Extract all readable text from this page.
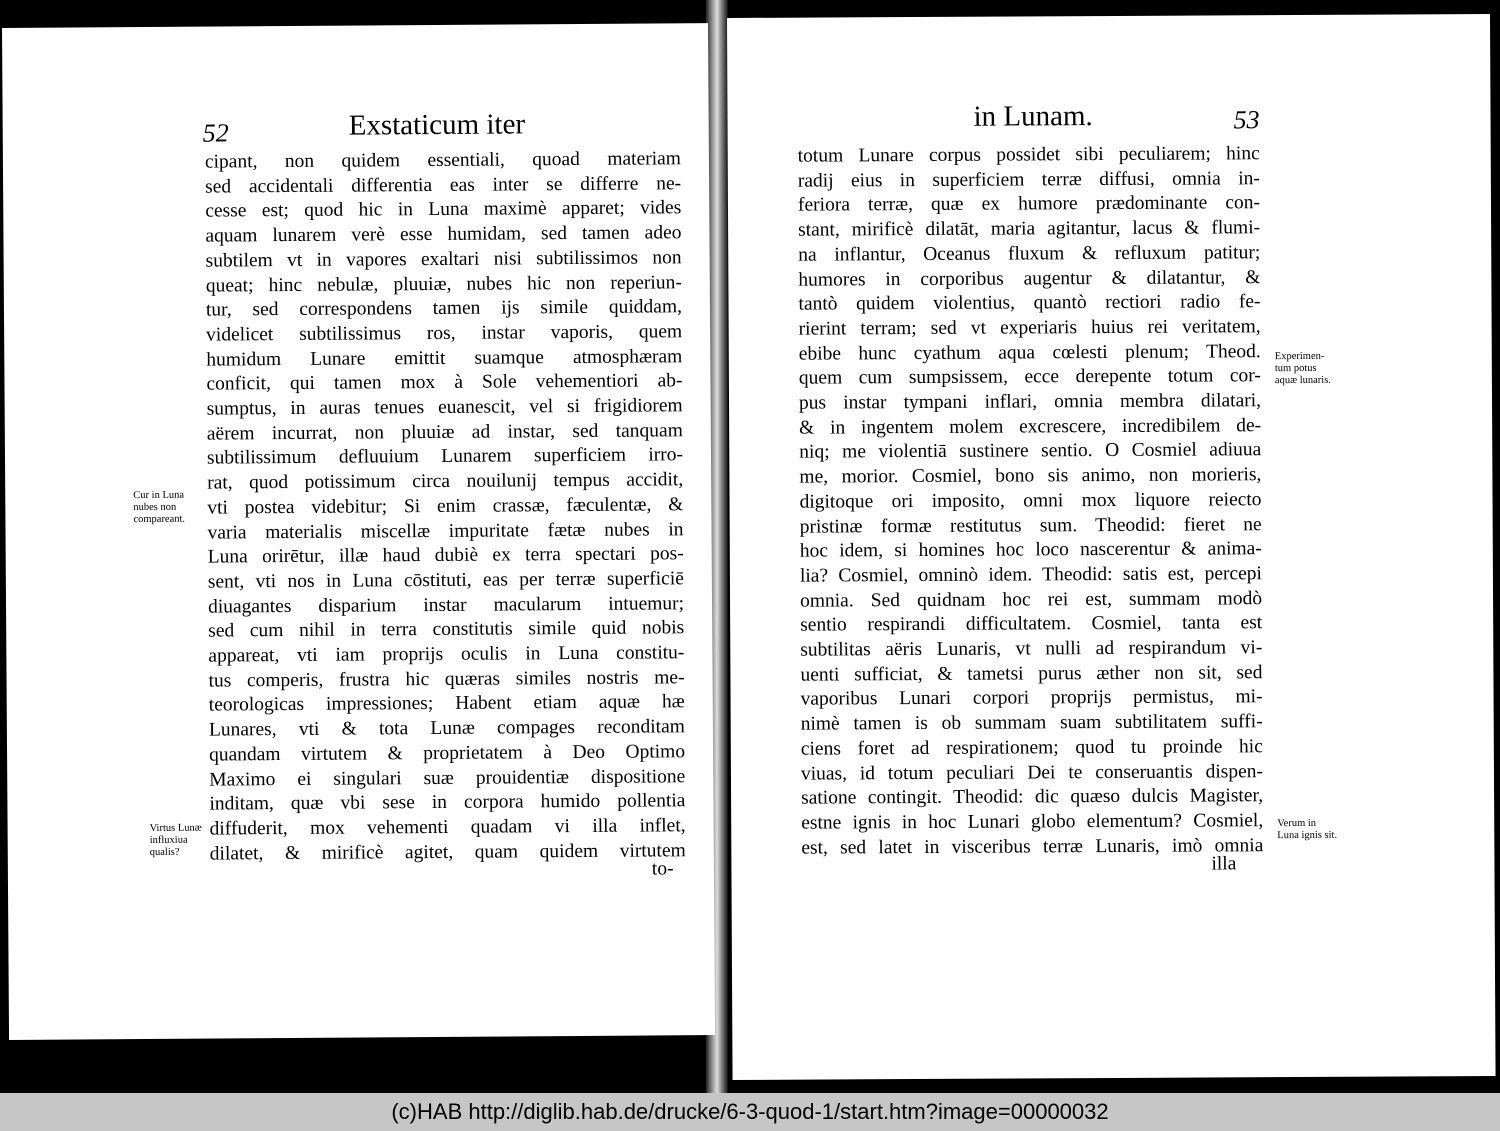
52	Exstaticum iter
cipant, non quidem essentiali, quoad materiam
sed accidentali differentia eas inter se differre ne-
cesse est; quod hic in Luna maximè apparet; vides
aquam lunarem verè esse humidam, sed tamen adeo
subtilem vt in vapores exaltari nisi subtilissimos non
queat; hinc nebulæ, pluuiæ, nubes hic non reperiun-
tur, sed correspondens tamen ijs simile quiddam,
videlicet subtilissimus ros, instar vaporis, quem
humidum Lunare emittit suamque atmosphæram
conficit, qui tamen mox à Sole vehementiori ab-
sumptus, in auras tenues euanescit, vel si frigidiorem
aërem incurrat, non pluuiæ ad instar, sed tanquam
subtilissimum defluuium Lunarem superficiem irro-
rat, quod potissimum circa nouilunij tempus accidit,
vti postea videbitur; Si enim crassæ, fæculentæ, &
varia materialis miscellæ impuritate fætæ nubes in
Luna orirētur, illæ haud dubiè ex terra spectari pos-
sent, vti nos in Luna cōstituti, eas per terræ superficiē
diuagantes disparium instar macularum intuemur;
sed cum nihil in terra constitutis simile quid nobis
appareat, vti iam proprijs oculis in Luna constitu-
tus comperis, frustra hic quæras similes nostris me-
teorologicas impressiones; Habent etiam aquæ hæ
Lunares, vti & tota Lunæ compages reconditam
quandam virtutem & proprietatem à Deo Optimo
Maximo ei singulari suæ prouidentiæ dispositione
inditam, quæ vbi sese in corpora humido pollentia
diffuderit, mox vehementi quadam vi illa inflet,
dilatet, & mirificè agitet, quam quidem virtutem
to-
Cur in Luna
nubes non
compareant.
Virtus Lunæ
influxiua
qualis?
in Lunam.	53
totum Lunare corpus possidet sibi peculiarem; hinc
radij eius in superficiem terræ diffusi, omnia in-
feriora terræ, quæ ex humore prædominante con-
stant, mirificè dilatāt, maria agitantur, lacus & flumi-
na inflantur, Oceanus fluxum & refluxum patitur;
humores in corporibus augentur & dilatantur, &
tantò quidem violentius, quantò rectiori radio fe-
rierint terram; sed vt experiaris huius rei veritatem,
ebibe hunc cyathum aqua cœlesti plenum; Theod.
quem cum sumpsissem, ecce derepente totum cor-
pus instar tympani inflari, omnia membra dilatari,
& in ingentem molem excrescere, incredibilem de-
niq; me violentiā sustinere sentio. O Cosmiel adiuua
me, morior. Cosmiel, bono sis animo, non morieris,
digitoque ori imposito, omni mox liquore reiecto
pristinæ formæ restitutus sum. Theodid: fieret ne
hoc idem, si homines hoc loco nascerentur & anima-
lia? Cosmiel, omninò idem. Theodid: satis est, percepi
omnia. Sed quidnam hoc rei est, summam modò
sentio respirandi difficultatem. Cosmiel, tanta est
subtilitas aëris Lunaris, vt nulli ad respirandum vi-
uenti sufficiat, & tametsi purus æther non sit, sed
vaporibus Lunari corpori proprijs permistus, mi-
nimè tamen is ob summam suam subtilitatem suffi-
ciens foret ad respirationem; quod tu proinde hic
viuas, id totum peculiari Dei te conseruantis dispen-
satione contingit. Theodid: dic quæso dulcis Magister,
estne ignis in hoc Lunari globo elementum? Cosmiel,
est, sed latet in visceribus terræ Lunaris, imò omnia
illa
Experimen-
tum potus
aquæ lunaris.
Verum in
Luna ignis sit.
(c)HAB http://diglib.hab.de/drucke/6-3-quod-1/start.htm?image=00000032
